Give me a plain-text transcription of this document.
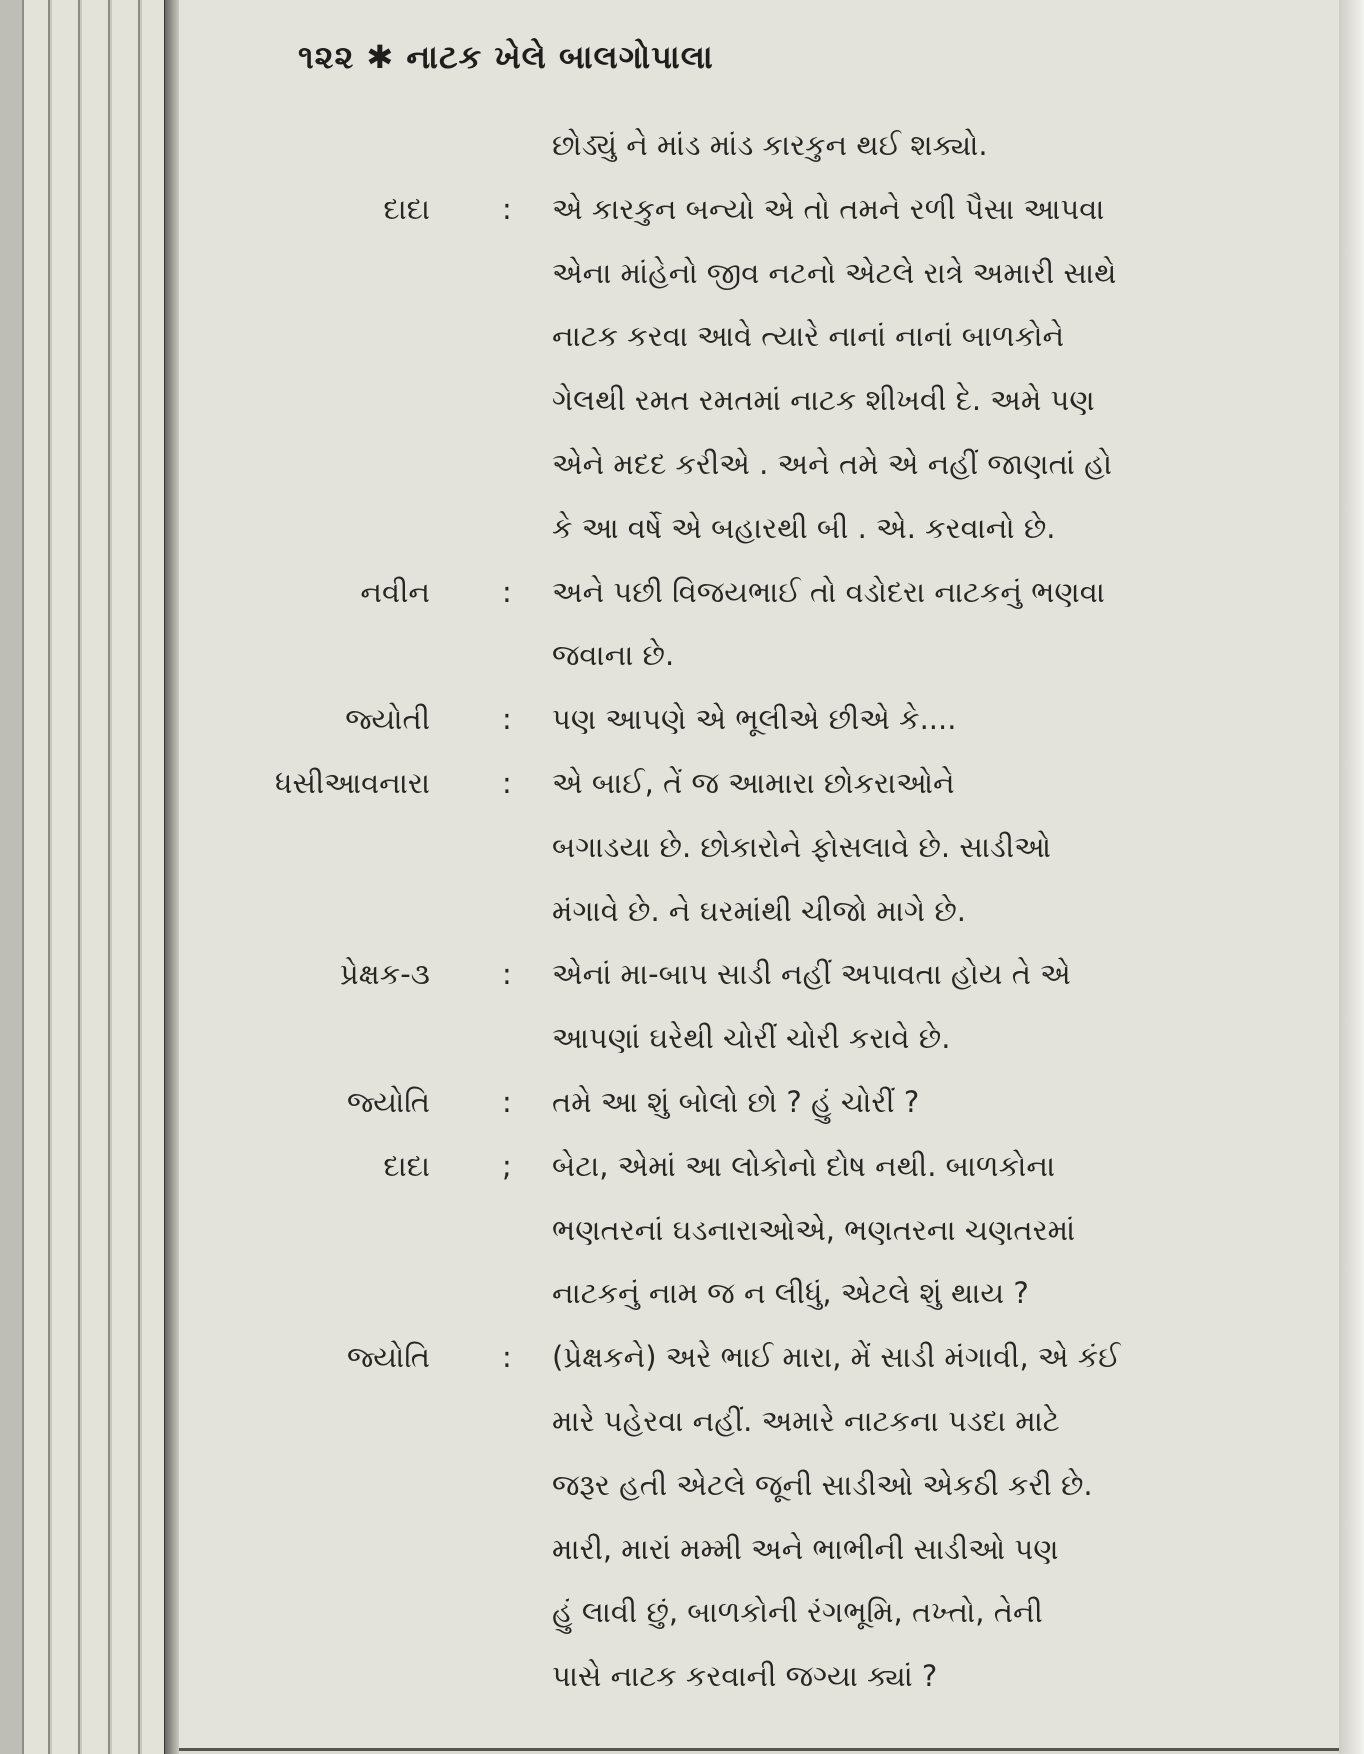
૧૨૨ ✱ નાટક ખેલે બાલગોપાલા
છોડ્યું ને માંડ માંડ કારકુન થઈ શક્યો.
દાદા : એ કારકુન બન્યો એ તો તમને રળી પૈસા આપવા
એના માંહેનો જીવ નટનો એટલે રાત્રે અમારી સાથે
નાટક કરવા આવે ત્યારે નાનાં નાનાં બાળકોને
ગેલથી રમત રમતમાં નાટક શીખવી દે. અમે પણ
એને મદદ કરીએ . અને તમે એ નહીં જાણતાં હો
કે આ વર્ષે એ બહારથી બી . એ. કરવાનો છે.
નવીન : અને પછી વિજયભાઈ તો વડોદરા નાટકનું ભણવા
જવાના છે.
જ્યોતી : પણ આપણે એ ભૂલીએ છીએ કે....
ધસીઆવનારા : એ બાઈ, તેં જ આમારા છોકરાઓને
બગાડયા છે. છોકારોને ફોસલાવે છે. સાડીઓ
મંગાવે છે. ને ઘરમાંથી ચીજો માગે છે.
પ્રેક્ષક-૩ : એનાં મા-બાપ સાડી નહીં અપાવતા હોય તે એ
આપણાં ઘરેથી ચોરીં ચોરી કરાવે છે.
જ્યોતિ : તમે આ શું બોલો છો ? હું ચોરીં ?
દાદા ; બેટા, એમાં આ લોકોનો દોષ નથી. બાળકોના
ભણતરનાં ઘડનારાઓએ, ભણતરના ચણતરમાં
નાટકનું નામ જ ન લીધું, એટલે શું થાય ?
જ્યોતિ : (પ્રેક્ષકને) અરે ભાઈ મારા, મેં સાડી મંગાવી, એ કંઈ
મારે પહેરવા નહીં. અમારે નાટકના પડદા માટે
જરૂર હતી એટલે જૂની સાડીઓ એકઠી કરી છે.
મારી, મારાં મમ્મી અને ભાભીની સાડીઓ પણ
હું લાવી છું, બાળકોની રંગભૂમિ, તખ્તો, તેની
પાસે નાટક કરવાની જગ્યા ક્યાં ?
